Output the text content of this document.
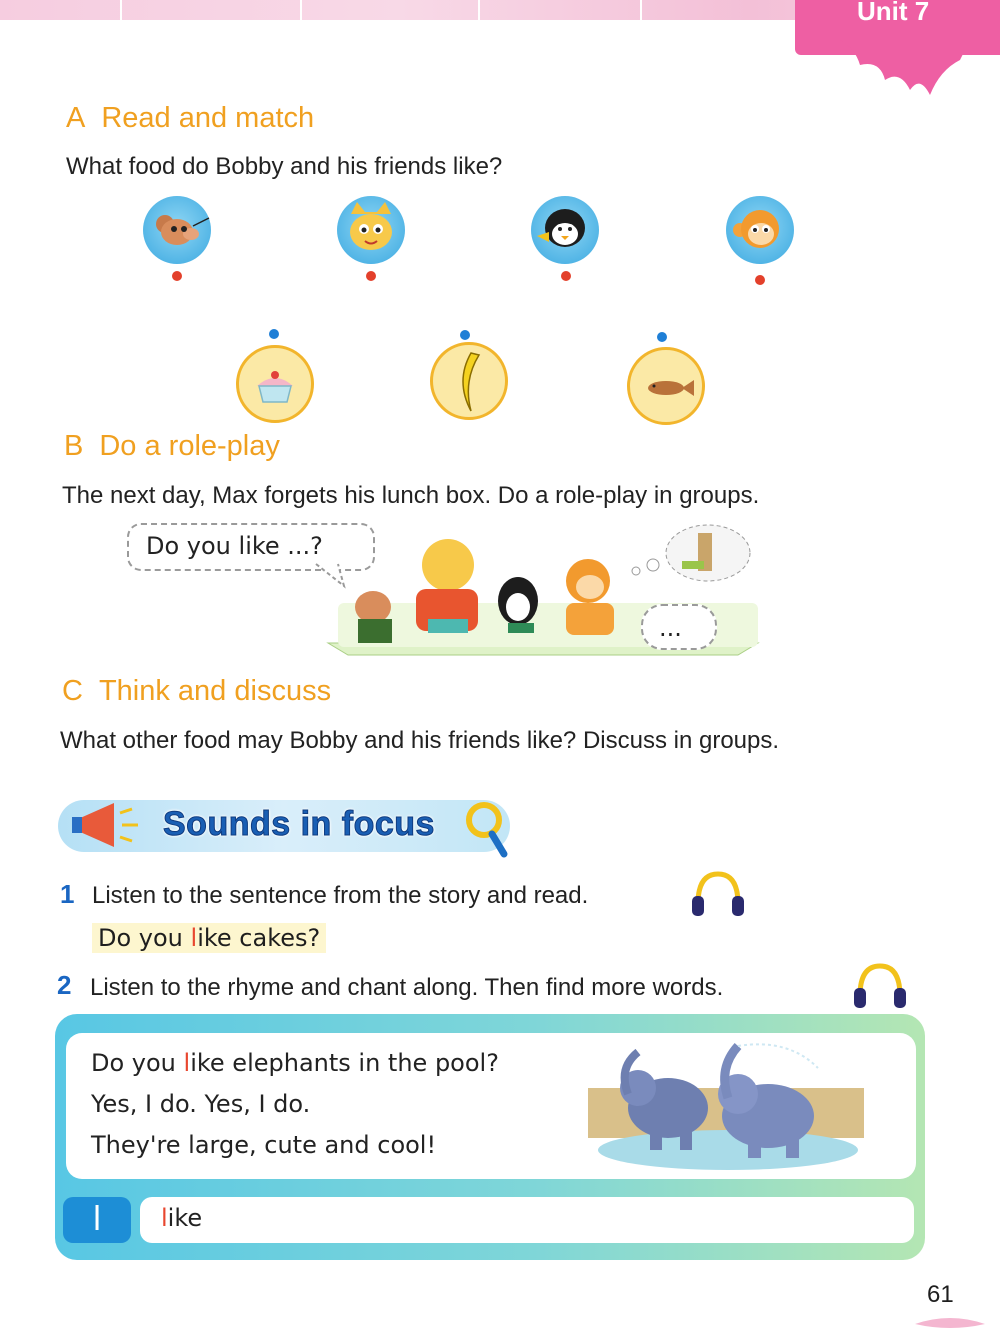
Unit 7
A Read and match
What food do Bobby and his friends like?
B Do a role-play
The next day, Max forgets his lunch box. Do a role-play in groups.
Do you like ...?
...
C Think and discuss
What other food may Bobby and his friends like? Discuss in groups.
Sounds in focus
1 Listen to the sentence from the story and read.
Do you like cakes?
2 Listen to the rhyme and chant along. Then find more words.
Do you like elephants in the pool?
Yes, I do. Yes, I do.
They're large, cute and cool!
l	like
61
